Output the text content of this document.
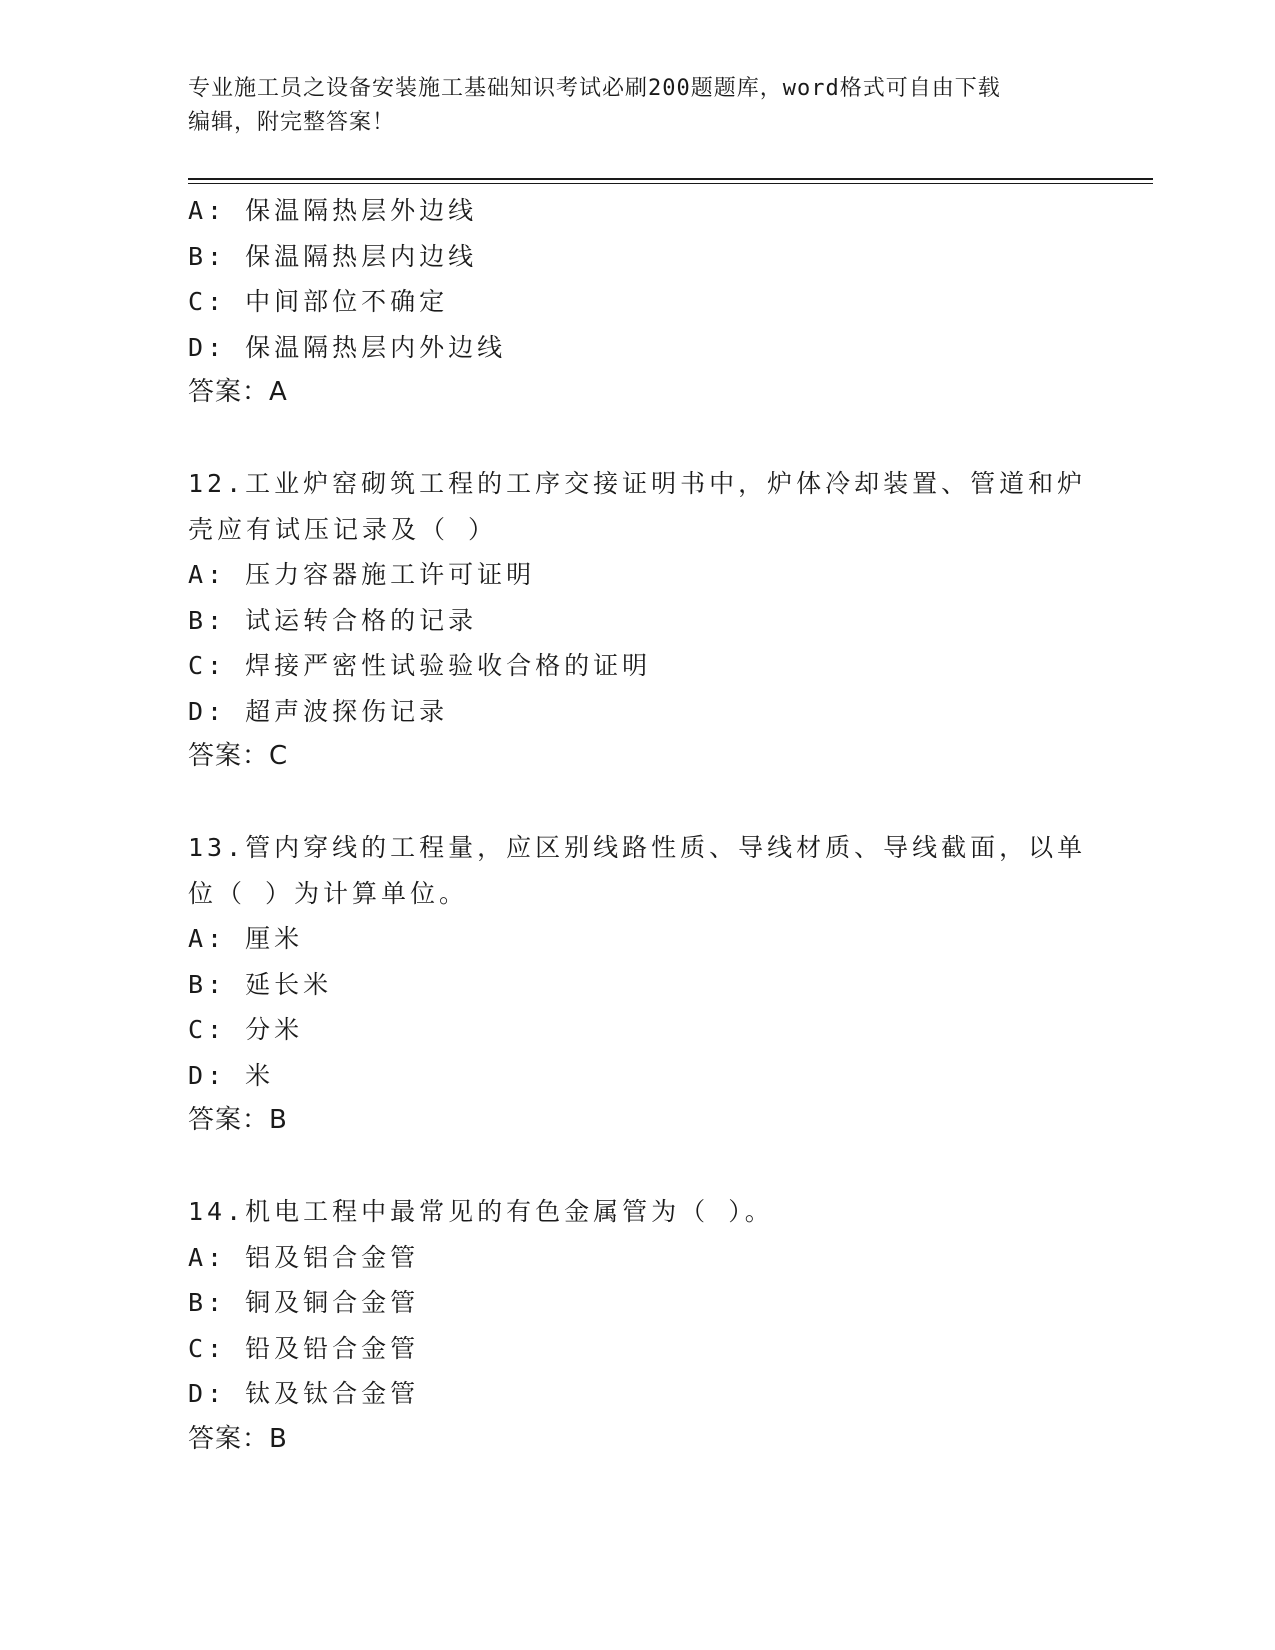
专业施工员之设备安装施工基础知识考试必刷200题题库，word格式可自由下载
编辑，附完整答案！
A: 保温隔热层外边线
B: 保温隔热层内边线
C: 中间部位不确定
D: 保温隔热层内外边线
答案：A
12.工业炉窑砌筑工程的工序交接证明书中，炉体冷却装置、管道和炉
壳应有试压记录及（ ）
A: 压力容器施工许可证明
B: 试运转合格的记录
C: 焊接严密性试验验收合格的证明
D: 超声波探伤记录
答案：C
13.管内穿线的工程量，应区别线路性质、导线材质、导线截面，以单
位（ ）为计算单位。
A: 厘米
B: 延长米
C: 分米
D: 米
答案：B
14.机电工程中最常见的有色金属管为（ ）。
A: 铝及铝合金管
B: 铜及铜合金管
C: 铅及铅合金管
D: 钛及钛合金管
答案：B
